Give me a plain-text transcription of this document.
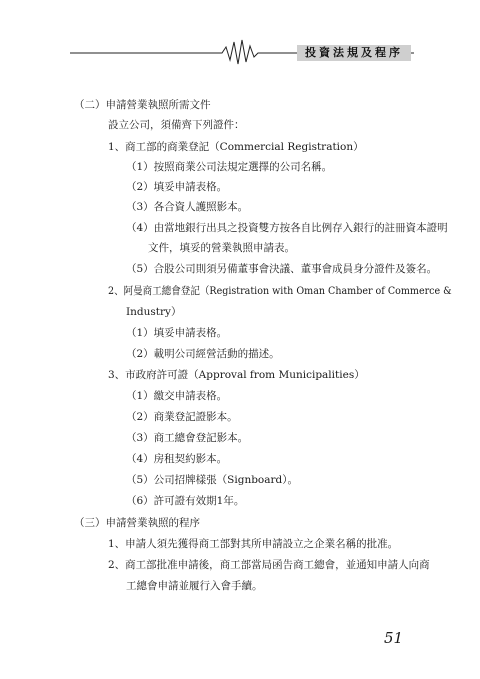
投資法規及程序
（二）申請營業執照所需文件
設立公司，須備齊下列證件：
1、商工部的商業登記（Commercial Registration）
（1）按照商業公司法規定選擇的公司名稱。
（2）填妥申請表格。
（3）各合資人護照影本。
（4）由當地銀行出具之投資雙方按各自比例存入銀行的註冊資本證明
文件，填妥的營業執照申請表。
（5）合股公司則須另備董事會決議、董事會成員身分證件及簽名。
2、阿曼商工總會登記（Registration with Oman Chamber of Commerce &
Industry）
（1）填妥申請表格。
（2）載明公司經營活動的描述。
3、市政府許可證（Approval from Municipalities）
（1）繳交申請表格。
（2）商業登記證影本。
（3）商工總會登記影本。
（4）房租契約影本。
（5）公司招牌樣張（Signboard）。
（6）許可證有效期1年。
（三）申請營業執照的程序
1、申請人須先獲得商工部對其所申請設立之企業名稱的批准。
2、商工部批准申請後，商工部當局函告商工總會，並通知申請人向商
工總會申請並履行入會手續。
51
